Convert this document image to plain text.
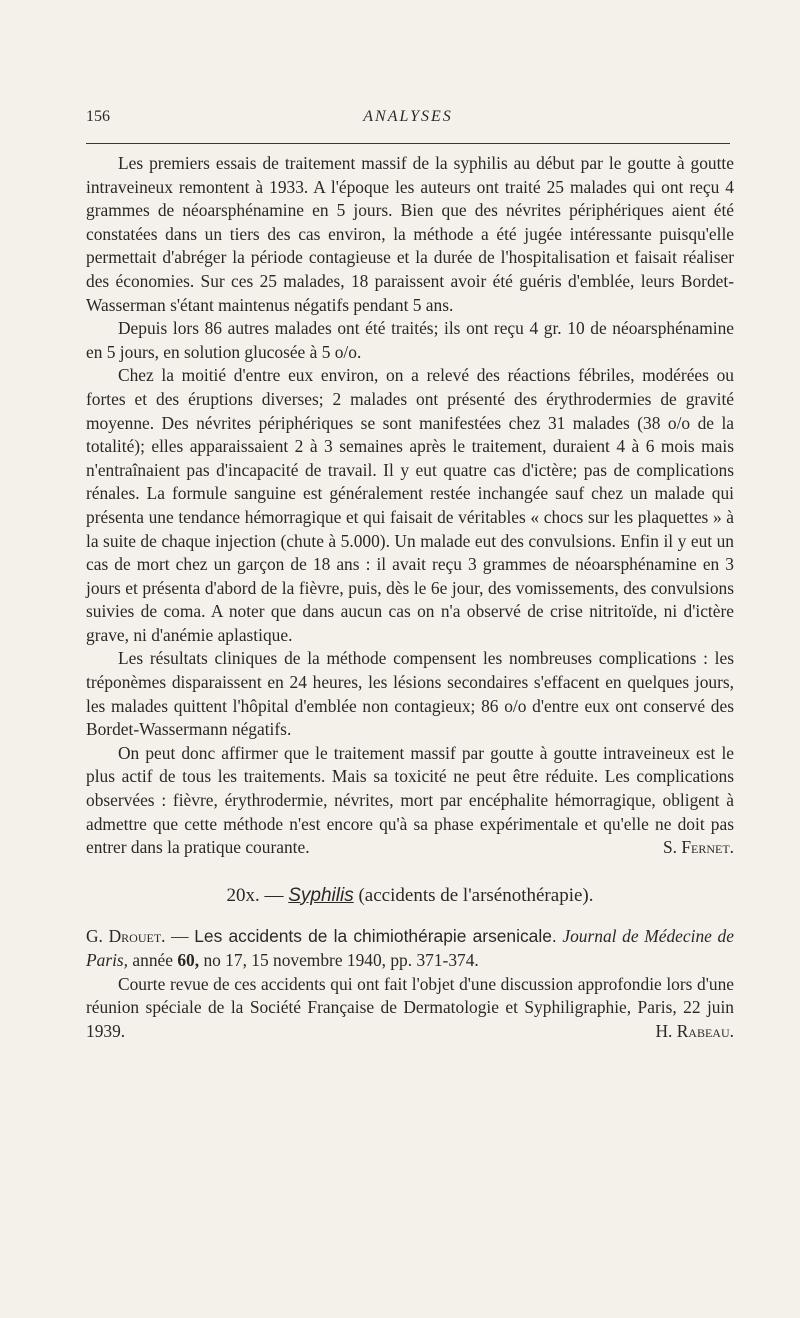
156	ANALYSES

Les premiers essais de traitement massif de la syphilis au début par le goutte à goutte intraveineux remontent à 1933. A l'époque les auteurs ont traité 25 malades qui ont reçu 4 grammes de néoarsphénamine en 5 jours. Bien que des névrites périphériques aient été constatées dans un tiers des cas environ, la méthode a été jugée intéressante puisqu'elle permettait d'abréger la période contagieuse et la durée de l'hospitalisation et faisait réaliser des économies. Sur ces 25 malades, 18 paraissent avoir été guéris d'emblée, leurs Bordet-Wasserman s'étant maintenus négatifs pendant 5 ans.

Depuis lors 86 autres malades ont été traités; ils ont reçu 4 gr. 10 de néoarsphénamine en 5 jours, en solution glucosée à 5 o/o.

Chez la moitié d'entre eux environ, on a relevé des réactions fébriles, modérées ou fortes et des éruptions diverses; 2 malades ont présenté des érythrodermies de gravité moyenne. Des névrites périphériques se sont manifestées chez 31 malades (38 o/o de la totalité); elles apparaissaient 2 à 3 semaines après le traitement, duraient 4 à 6 mois mais n'entraînaient pas d'incapacité de travail. Il y eut quatre cas d'ictère; pas de complications rénales. La formule sanguine est généralement restée inchangée sauf chez un malade qui présenta une tendance hémorragique et qui faisait de véritables « chocs sur les plaquettes » à la suite de chaque injection (chute à 5.000). Un malade eut des convulsions. Enfin il y eut un cas de mort chez un garçon de 18 ans : il avait reçu 3 grammes de néoarsphénamine en 3 jours et présenta d'abord de la fièvre, puis, dès le 6e jour, des vomissements, des convulsions suivies de coma. A noter que dans aucun cas on n'a observé de crise nitritoïde, ni d'ictère grave, ni d'anémie aplastique.

Les résultats cliniques de la méthode compensent les nombreuses complications : les tréponèmes disparaissent en 24 heures, les lésions secondaires s'effacent en quelques jours, les malades quittent l'hôpital d'emblée non contagieux; 86 o/o d'entre eux ont conservé des Bordet-Wassermann négatifs.

On peut donc affirmer que le traitement massif par goutte à goutte intraveineux est le plus actif de tous les traitements. Mais sa toxicité ne peut être réduite. Les complications observées : fièvre, érythrodermie, névrites, mort par encéphalite hémorragique, obligent à admettre que cette méthode n'est encore qu'à sa phase expérimentale et qu'elle ne doit pas entrer dans la pratique courante.	S. Fernet.

20x. — Syphilis (accidents de l'arsénothérapie).

G. Drouet. — Les accidents de la chimiothérapie arsenicale. Journal de Médecine de Paris, année 60, no 17, 15 novembre 1940, pp. 371-374.

Courte revue de ces accidents qui ont fait l'objet d'une discussion approfondie lors d'une réunion spéciale de la Société Française de Dermatologie et Syphiligraphie, Paris, 22 juin 1939.	H. Rabeau.
